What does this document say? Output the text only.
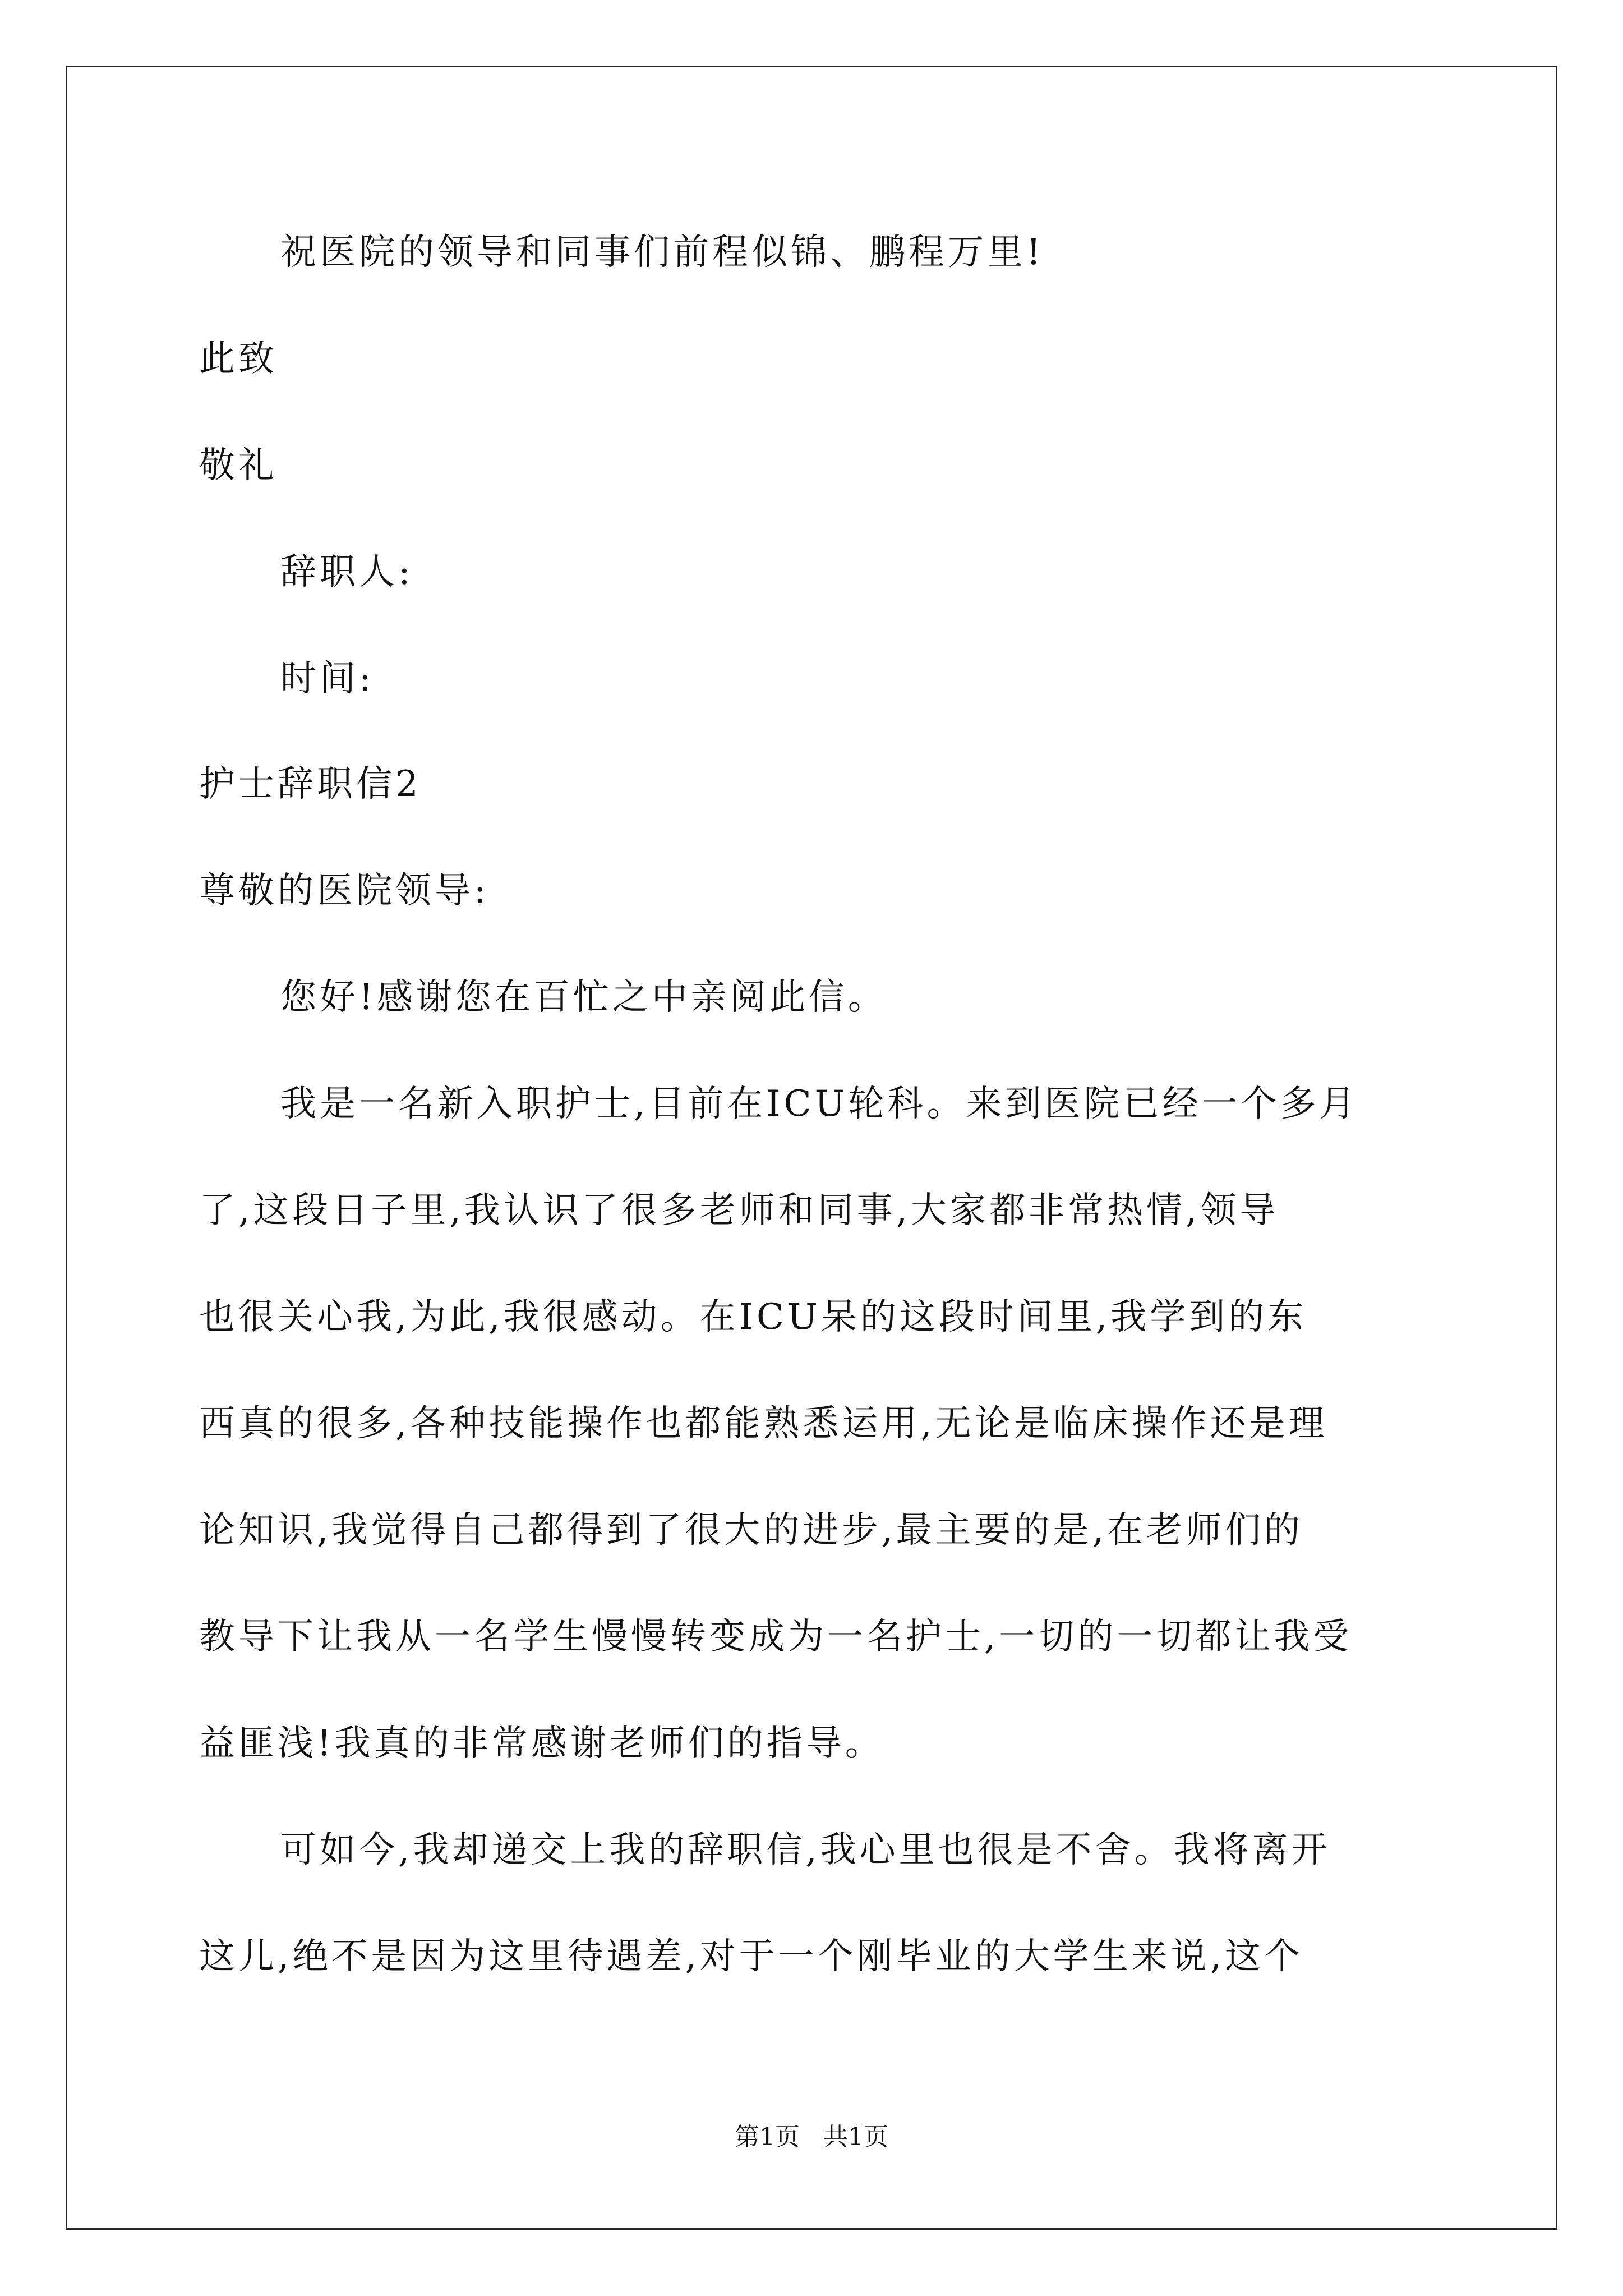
祝医院的领导和同事们前程似锦、鹏程万里!
此致
敬礼
辞职人:
时间:
护士辞职信2
尊敬的医院领导:
您好!感谢您在百忙之中亲阅此信。
我是一名新入职护士,目前在ICU轮科。来到医院已经一个多月
了,这段日子里,我认识了很多老师和同事,大家都非常热情,领导
也很关心我,为此,我很感动。在ICU呆的这段时间里,我学到的东
西真的很多,各种技能操作也都能熟悉运用,无论是临床操作还是理
论知识,我觉得自己都得到了很大的进步,最主要的是,在老师们的
教导下让我从一名学生慢慢转变成为一名护士,一切的一切都让我受
益匪浅!我真的非常感谢老师们的指导。
可如今,我却递交上我的辞职信,我心里也很是不舍。我将离开
这儿,绝不是因为这里待遇差,对于一个刚毕业的大学生来说,这个
第1页   共1页
